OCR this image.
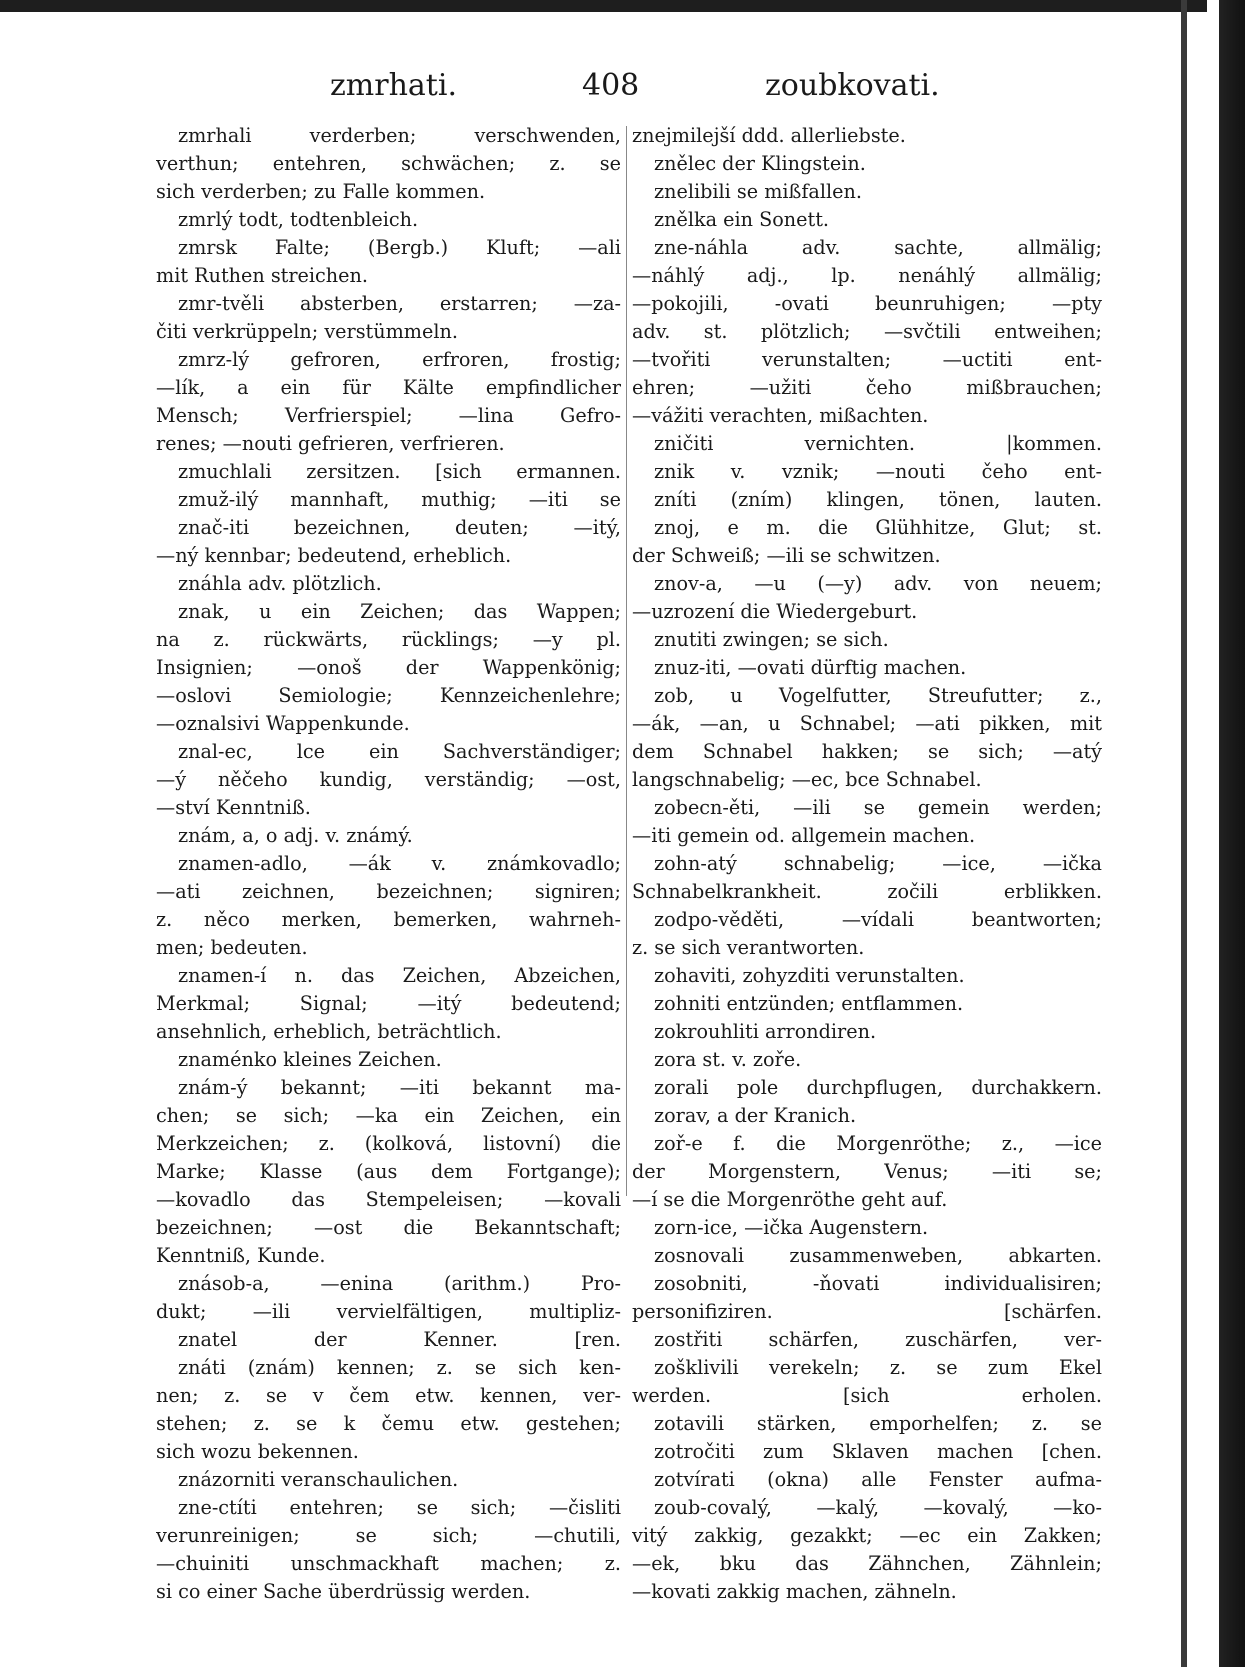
zmrhati.	408	zoubkovati.
zmrhali verderben; verschwenden,
verthun; entehren, schwächen; z. se
sich verderben; zu Falle kommen.
zmrlý todt, todtenbleich.
zmrsk Falte; (Bergb.) Kluft; —ali
mit Ruthen streichen.
zmr-tvěli absterben, erstarren; —za-
čiti verkrüppeln; verstümmeln.
zmrz-lý gefroren, erfroren, frostig;
—lík, a ein für Kälte empfindlicher
Mensch; Verfrierspiel; —lina Gefro-
renes; —nouti gefrieren, verfrieren.
zmuchlali zersitzen. [sich ermannen.
zmuž-ilý mannhaft, muthig; —iti se
znač-iti bezeichnen, deuten; —itý,
—ný kennbar; bedeutend, erheblich.
znáhla adv. plötzlich.
znak, u ein Zeichen; das Wappen;
na z. rückwärts, rücklings; —y pl.
Insignien; —onoš der Wappenkönig;
—oslovi Semiologie; Kennzeichenlehre;
—oznalsivi Wappenkunde.
znal-ec, lce ein Sachverständiger;
—ý něčeho kundig, verständig; —ost,
—ství Kenntniß.
znám, a, o adj. v. známý.
znamen-adlo, —ák v. známkovadlo;
—ati zeichnen, bezeichnen; signiren;
z. něco merken, bemerken, wahrneh-
men; bedeuten.
znamen-í n. das Zeichen, Abzeichen,
Merkmal; Signal; —itý bedeutend;
ansehnlich, erheblich, beträchtlich.
znaménko kleines Zeichen.
znám-ý bekannt; —iti bekannt ma-
chen; se sich; —ka ein Zeichen, ein
Merkzeichen; z. (kolková, listovní) die
Marke; Klasse (aus dem Fortgange);
—kovadlo das Stempeleisen; —kovali
bezeichnen; —ost die Bekanntschaft;
Kenntniß, Kunde.
znásob-a, —enina (arithm.) Pro-
dukt; —ili vervielfältigen, multipliz-
znatel der Kenner. [ren.
znáti (znám) kennen; z. se sich ken-
nen; z. se v čem etw. kennen, ver-
stehen; z. se k čemu etw. gestehen;
sich wozu bekennen.
znázorniti veranschaulichen.
zne-ctíti entehren; se sich; —čisliti
verunreinigen; se sich; —chutili,
—chuiniti unschmackhaft machen; z.
si co einer Sache überdrüssig werden.
znejmilejší ddd. allerliebste.
znělec der Klingstein.
znelibili se mißfallen.
znělka ein Sonett.
zne-náhla adv. sachte, allmälig;
—náhlý adj., lp. nenáhlý allmälig;
—pokojili, -ovati beunruhigen; —pty
adv. st. plötzlich; —svčtili entweihen;
—tvořiti verunstalten; —uctiti ent-
ehren; —užiti čeho mißbrauchen;
—vážiti verachten, mißachten.
zničiti vernichten. |kommen.
znik v. vznik; —nouti čeho ent-
zníti (zním) klingen, tönen, lauten.
znoj, e m. die Glühhitze, Glut; st.
der Schweiß; —ili se schwitzen.
znov-a, —u (—y) adv. von neuem;
—uzrození die Wiedergeburt.
znutiti zwingen; se sich.
znuz-iti, —ovati dürftig machen.
zob, u Vogelfutter, Streufutter; z.,
—ák, —an, u Schnabel; —ati pikken, mit
dem Schnabel hakken; se sich; —atý
langschnabelig; —ec, bce Schnabel.
zobecn-ěti, —ili se gemein werden;
—iti gemein od. allgemein machen.
zohn-atý schnabelig; —ice, —ička
Schnabelkrankheit. zočili erblikken.
zodpo-věděti, —vídali beantworten;
z. se sich verantworten.
zohaviti, zohyzditi verunstalten.
zohniti entzünden; entflammen.
zokrouhliti arrondiren.
zora st. v. zoře.
zorali pole durchpflugen, durchakkern.
zorav, a der Kranich.
zoř-e f. die Morgenröthe; z., —ice
der Morgenstern, Venus; —iti se;
—í se die Morgenröthe geht auf.
zorn-ice, —ička Augenstern.
zosnovali zusammenweben, abkarten.
zosobniti, -ňovati individualisiren;
personifiziren. [schärfen.
zostřiti schärfen, zuschärfen, ver-
zošklivili verekeln; z. se zum Ekel
werden. [sich erholen.
zotavili stärken, emporhelfen; z. se
zotročiti zum Sklaven machen [chen.
zotvírati (okna) alle Fenster aufma-
zoub-covalý, —kalý, —kovalý, —ko-
vitý zakkig, gezakkt; —ec ein Zakken;
—ek, bku das Zähnchen, Zähnlein;
—kovati zakkig machen, zähneln.
